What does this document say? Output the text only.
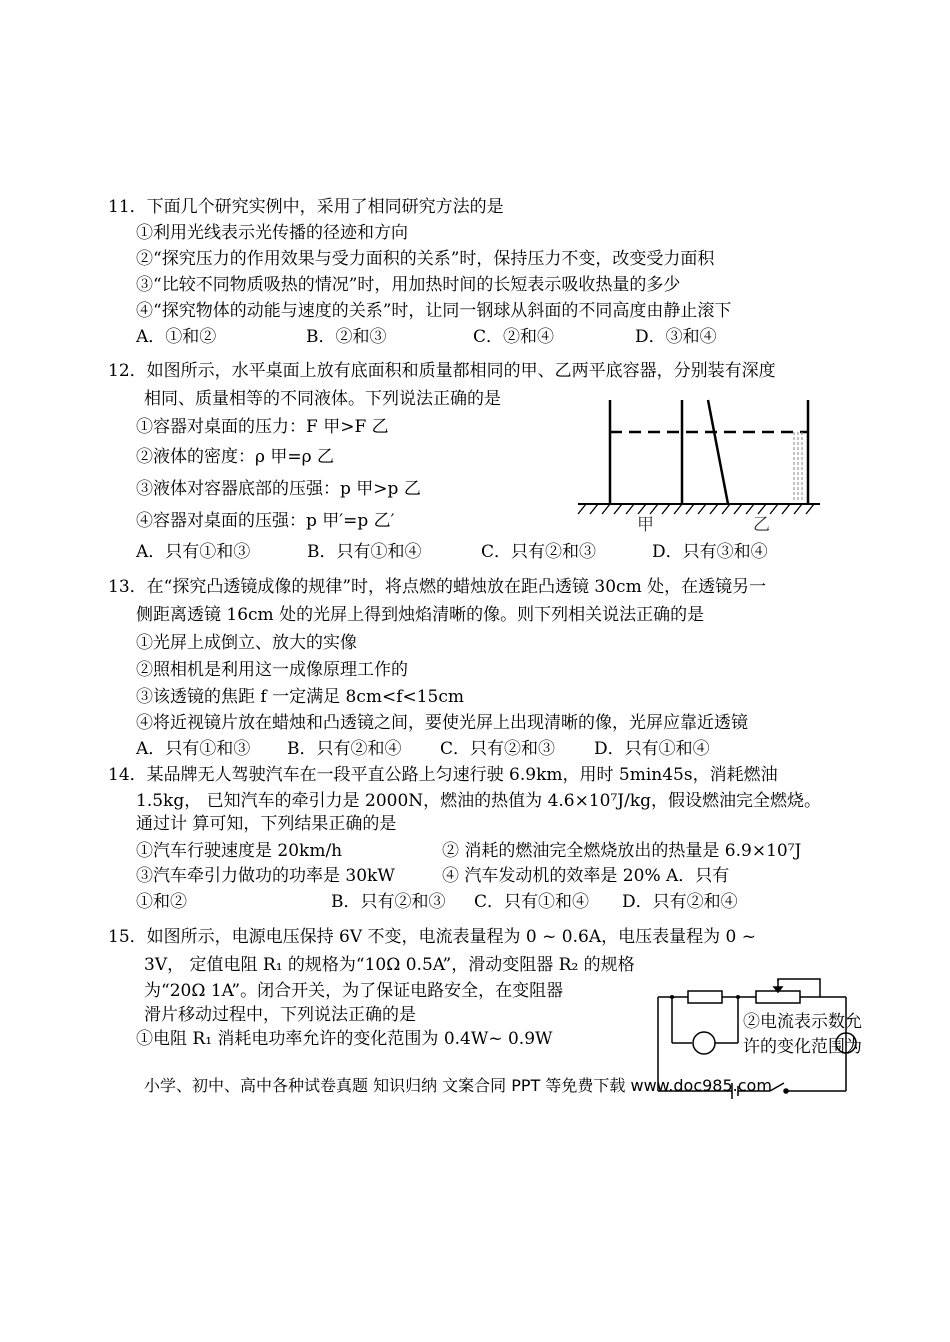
11．下面几个研究实例中，采用了相同研究方法的是
①利用光线表示光传播的径迹和方向
②“探究压力的作用效果与受力面积的关系”时，保持压力不变，改变受力面积
③“比较不同物质吸热的情况”时，用加热时间的长短表示吸收热量的多少
④“探究物体的动能与速度的关系”时，让同一钢球从斜面的不同高度由静止滚下
A．①和②	B．②和③	C．②和④	D．③和④
12．如图所示，水平桌面上放有底面积和质量都相同的甲、乙两平底容器，分别装有深度
相同、质量相等的不同液体。下列说法正确的是
①容器对桌面的压力：F 甲>F 乙
②液体的密度：ρ 甲=ρ 乙
③液体对容器底部的压强：p 甲>p 乙
④容器对桌面的压强：p 甲′=p 乙′
A．只有①和③	B．只有①和④	C．只有②和③	D．只有③和④
甲	乙
13．在“探究凸透镜成像的规律”时，将点燃的蜡烛放在距凸透镜 30cm 处，在透镜另一
侧距离透镜 16cm 处的光屏上得到烛焰清晰的像。则下列相关说法正确的是
①光屏上成倒立、放大的实像
②照相机是利用这一成像原理工作的
③该透镜的焦距 f 一定满足 8cm<f<15cm
④将近视镜片放在蜡烛和凸透镜之间，要使光屏上出现清晰的像，光屏应靠近透镜
A．只有①和③ B．只有②和④ C．只有②和③ D．只有①和④
14．某品牌无人驾驶汽车在一段平直公路上匀速行驶 6.9km，用时 5min45s，消耗燃油
1.5kg， 已知汽车的牵引力是 2000N，燃油的热值为 4.6×10⁷J/kg，假设燃油完全燃烧。
通过计 算可知，下列结果正确的是
①汽车行驶速度是 20km/h	② 消耗的燃油完全燃烧放出的热量是 6.9×10⁷J
③汽车牵引力做功的功率是 30kW	④ 汽车发动机的效率是 20% A．只有
①和②	B．只有②和③ C．只有①和④ D．只有②和④
15．如图所示，电源电压保持 6V 不变，电流表量程为 0 ~ 0.6A，电压表量程为 0 ~
3V， 定值电阻 R₁ 的规格为“10Ω 0.5A”，滑动变阻器 R₂ 的规格
为“20Ω 1A”。闭合开关，为了保证电路安全，在变阻器
滑片移动过程中，下列说法正确的是
①电阻 R₁ 消耗电功率允许的变化范围为 0.4W~ 0.9W
②电流表示数允
许的变化范围为
小学、初中、高中各种试卷真题 知识归纳 文案合同 PPT 等免费下载 www.doc985.com
